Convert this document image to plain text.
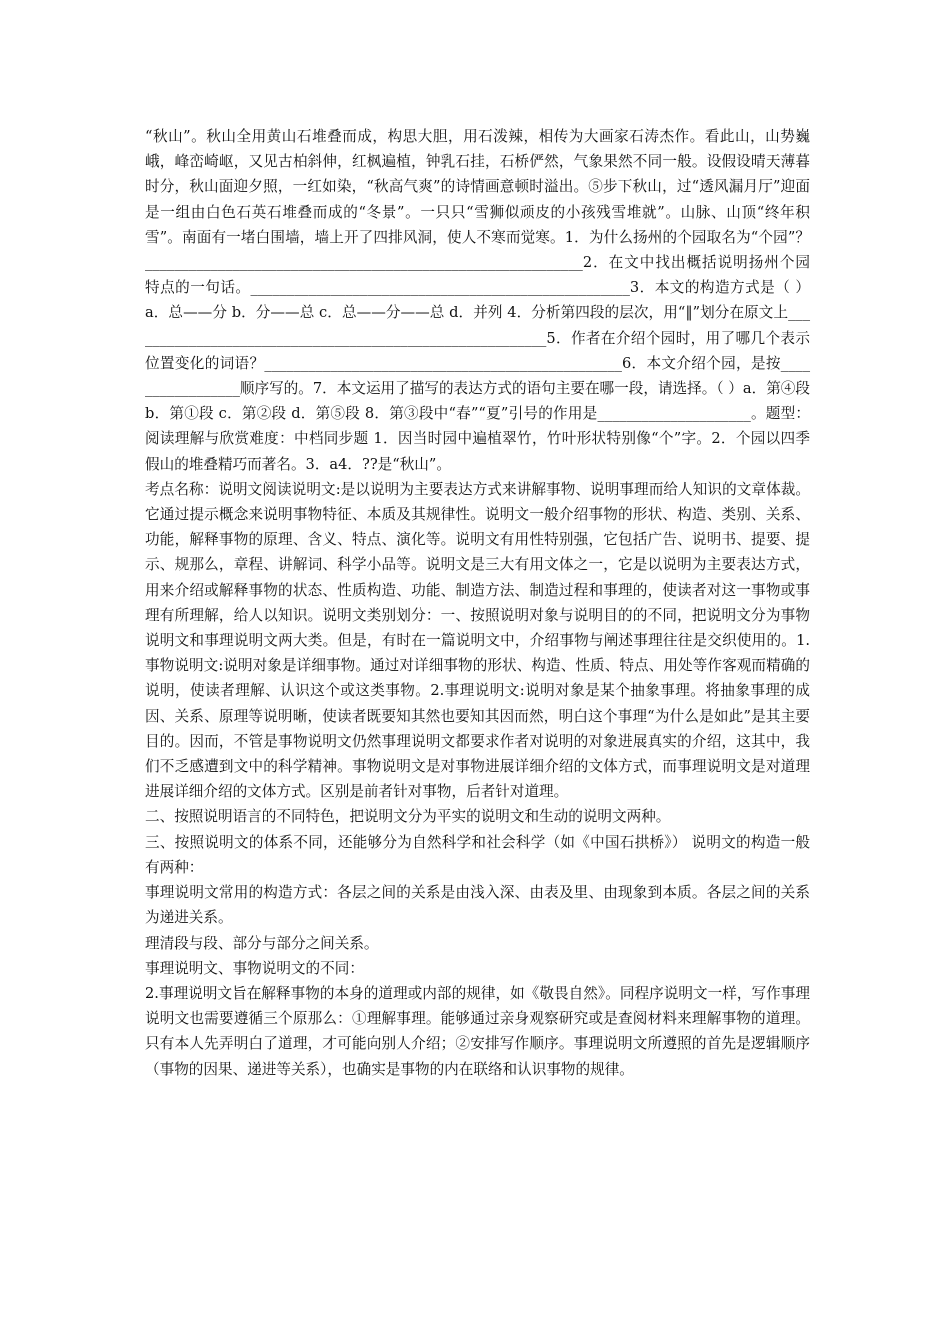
“秋山”。秋山全用黄山石堆叠而成，构思大胆，用石泼辣，相传为大画家石涛杰作。看此山，山势巍峨，峰峦崎岖，又见古柏斜伸，红枫遍植，钟乳石挂，石桥俨然，气象果然不同一般。设假设晴天薄暮时分，秋山面迎夕照，一红如染，“秋高气爽”的诗情画意顿时溢出。⑤步下秋山，过“透风漏月厅”迎面是一组由白色石英石堆叠而成的“冬景”。一只只“雪狮似顽皮的小孩残雪堆就”。山脉、山顶“终年积雪”。南面有一堵白围墙，墙上开了四排风洞，使人不寒而觉寒。1．为什么扬州的个园取名为“个园”？____________________________________________________________2．在文中找出概括说明扬州个园特点的一句话。____________________________________________________3．本文的构造方式是（ ）a．总——分 b．分——总 c．总——分——总 d．并列 4．分析第四段的层次，用“‖”划分在原文上__________________________________________________________5．作者在介绍个园时，用了哪几个表示位置变化的词语？_________________________________________________6．本文介绍个园，是按_________________顺序写的。7．本文运用了描写的表达方式的语句主要在哪一段，请选择。（ ）a．第④段 b．第①段 c．第②段 d．第⑤段 8．第③段中“春”“夏”引号的作用是_____________________。题型：阅读理解与欣赏难度：中档同步题 1．因当时园中遍植翠竹，竹叶形状特别像“个”字。2．个园以四季假山的堆叠精巧而著名。3．a4．??是“秋山”。

考点名称：说明文阅读说明文:是以说明为主要表达方式来讲解事物、说明事理而给人知识的文章体裁。它通过提示概念来说明事物特征、本质及其规律性。说明文一般介绍事物的形状、构造、类别、关系、功能，解释事物的原理、含义、特点、演化等。说明文有用性特别强，它包括广告、说明书、提要、提示、规那么，章程、讲解词、科学小品等。说明文是三大有用文体之一，它是以说明为主要表达方式，用来介绍或解释事物的状态、性质构造、功能、制造方法、制造过程和事理的，使读者对这一事物或事理有所理解，给人以知识。说明文类别划分：一、按照说明对象与说明目的的不同，把说明文分为事物说明文和事理说明文两大类。但是，有时在一篇说明文中，介绍事物与阐述事理往往是交织使用的。1.事物说明文:说明对象是详细事物。通过对详细事物的形状、构造、性质、特点、用处等作客观而精确的说明，使读者理解、认识这个或这类事物。2.事理说明文:说明对象是某个抽象事理。将抽象事理的成因、关系、原理等说明晰，使读者既要知其然也要知其因而然，明白这个事理“为什么是如此”是其主要目的。因而，不管是事物说明文仍然事理说明文都要求作者对说明的对象进展真实的介绍，这其中，我们不乏感遭到文中的科学精神。事物说明文是对事物进展详细介绍的文体方式，而事理说明文是对道理进展详细介绍的文体方式。区别是前者针对事物，后者针对道理。

二、按照说明语言的不同特色，把说明文分为平实的说明文和生动的说明文两种。

三、按照说明文的体系不同，还能够分为自然科学和社会科学（如《中国石拱桥》） 说明文的构造一般有两种：

事理说明文常用的构造方式：各层之间的关系是由浅入深、由表及里、由现象到本质。各层之间的关系为递进关系。

理清段与段、部分与部分之间关系。

事理说明文、事物说明文的不同：

2.事理说明文旨在解释事物的本身的道理或内部的规律，如《敬畏自然》。同程序说明文一样，写作事理说明文也需要遵循三个原那么：①理解事理。能够通过亲身观察研究或是查阅材料来理解事物的道理。只有本人先弄明白了道理，才可能向别人介绍；②安排写作顺序。事理说明文所遵照的首先是逻辑顺序（事物的因果、递进等关系），也确实是事物的内在联络和认识事物的规律。
